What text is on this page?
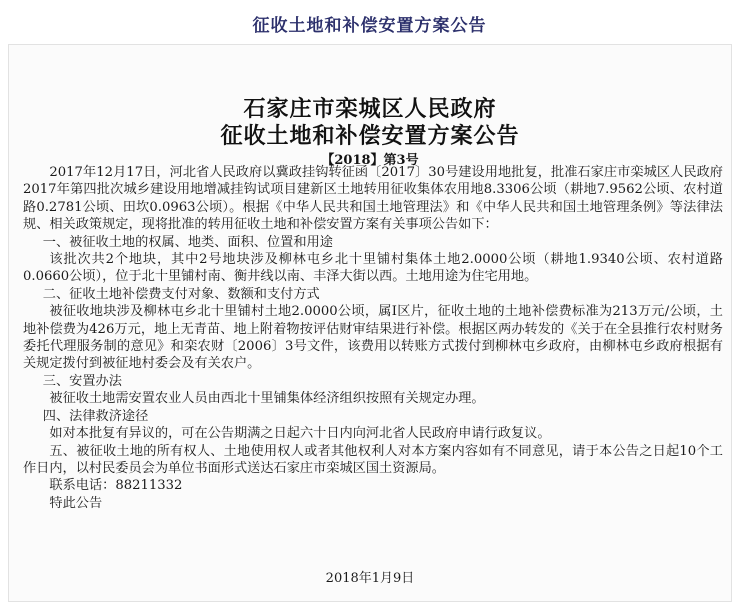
征收土地和补偿安置方案公告
石家庄市栾城区人民政府
征收土地和补偿安置方案公告
【2018】第3号

2017年12月17日，河北省人民政府以冀政挂钩转征函〔2017〕30号建设用地批复，批准石家庄市栾城区人民政府2017年第四批次城乡建设用地增减挂钩试项目建新区土地转用征收集体农用地8.3306公顷（耕地7.9562公顷、农村道路0.2781公顷、田坎0.0963公顷）。根据《中华人民共和国土地管理法》和《中华人民共和国土地管理条例》等法律法规、相关政策规定，现将批准的转用征收土地和补偿安置方案有关事项公告如下：

一、被征收土地的权属、地类、面积、位置和用途

该批次共2个地块，其中2号地块涉及柳林屯乡北十里铺村集体土地2.0000公顷（耕地1.9340公顷、农村道路0.0660公顷），位于北十里铺村南、衡井线以南、丰泽大街以西。土地用途为住宅用地。

二、征收土地补偿费支付对象、数额和支付方式

被征收地块涉及柳林屯乡北十里铺村土地2.0000公顷，属Ⅰ区片，征收土地的土地补偿费标准为213万元/公顷，土地补偿费为426万元，地上无青苗、地上附着物按评估财审结果进行补偿。根据区两办转发的《关于在全县推行农村财务委托代理服务制的意见》和栾农财〔2006〕3号文件，该费用以转账方式拨付到柳林屯乡政府，由柳林屯乡政府根据有关规定拨付到被征地村委会及有关农户。

三、安置办法

被征收土地需安置农业人员由西北十里铺集体经济组织按照有关规定办理。

四、法律救济途径

如对本批复有异议的，可在公告期满之日起六十日内向河北省人民政府申请行政复议。

五、被征收土地的所有权人、土地使用权人或者其他权利人对本方案内容如有不同意见，请于本公告之日起10个工作日内，以村民委员会为单位书面形式送达石家庄市栾城区国土资源局。

联系电话：88211332

特此公告

2018年1月9日
